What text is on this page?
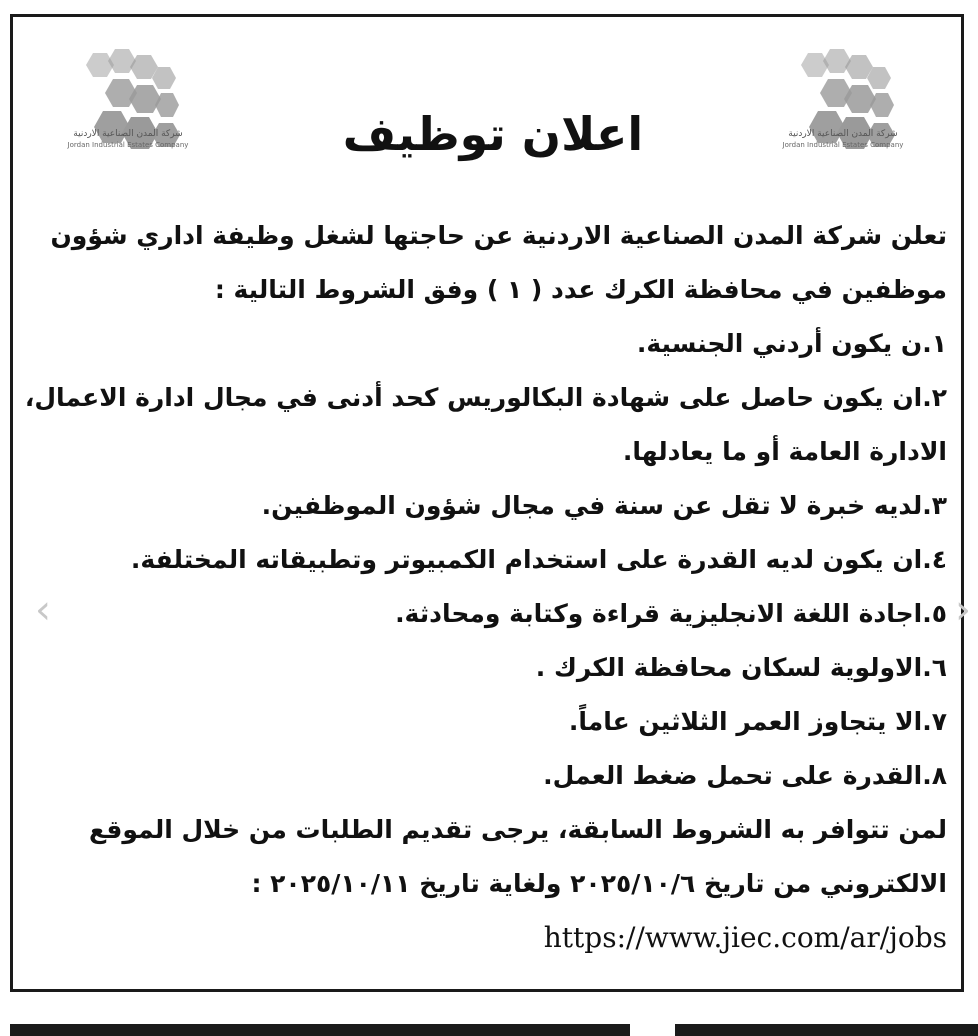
شركة المدن الصناعية الاردنية
Jordan Industrial Estates Company	اعلان توظيف	شركة المدن الصناعية الاردنية
Jordan Industrial Estates Company

تعلن شركة المدن الصناعية الاردنية عن حاجتها لشغل وظيفة اداري شؤون

موظفين في محافظة الكرك عدد ( ١ ) وفق الشروط التالية :

١.ن يكون أردني الجنسية.

٢.ان يكون حاصل على شهادة البكالوريس كحد أدنى في مجال ادارة الاعمال،

الادارة العامة أو ما يعادلها.

٣.لديه خبرة لا تقل عن سنة في مجال شؤون الموظفين.

٤.ان يكون لديه القدرة على استخدام الكمبيوتر وتطبيقاته المختلفة.

٥.اجادة اللغة الانجليزية قراءة وكتابة ومحادثة.

٦.الاولوية لسكان محافظة الكرك .

٧.الا يتجاوز العمر الثلاثين عاماً.

٨.القدرة على تحمل ضغط العمل.

لمن تتوافر به الشروط السابقة، يرجى تقديم الطلبات من خلال الموقع

الالكتروني من تاريخ ٢٠٢٥/١٠/٦ ولغاية تاريخ ٢٠٢٥/١٠/١١ :

https://www.jiec.com/ar/jobs

‹	›
